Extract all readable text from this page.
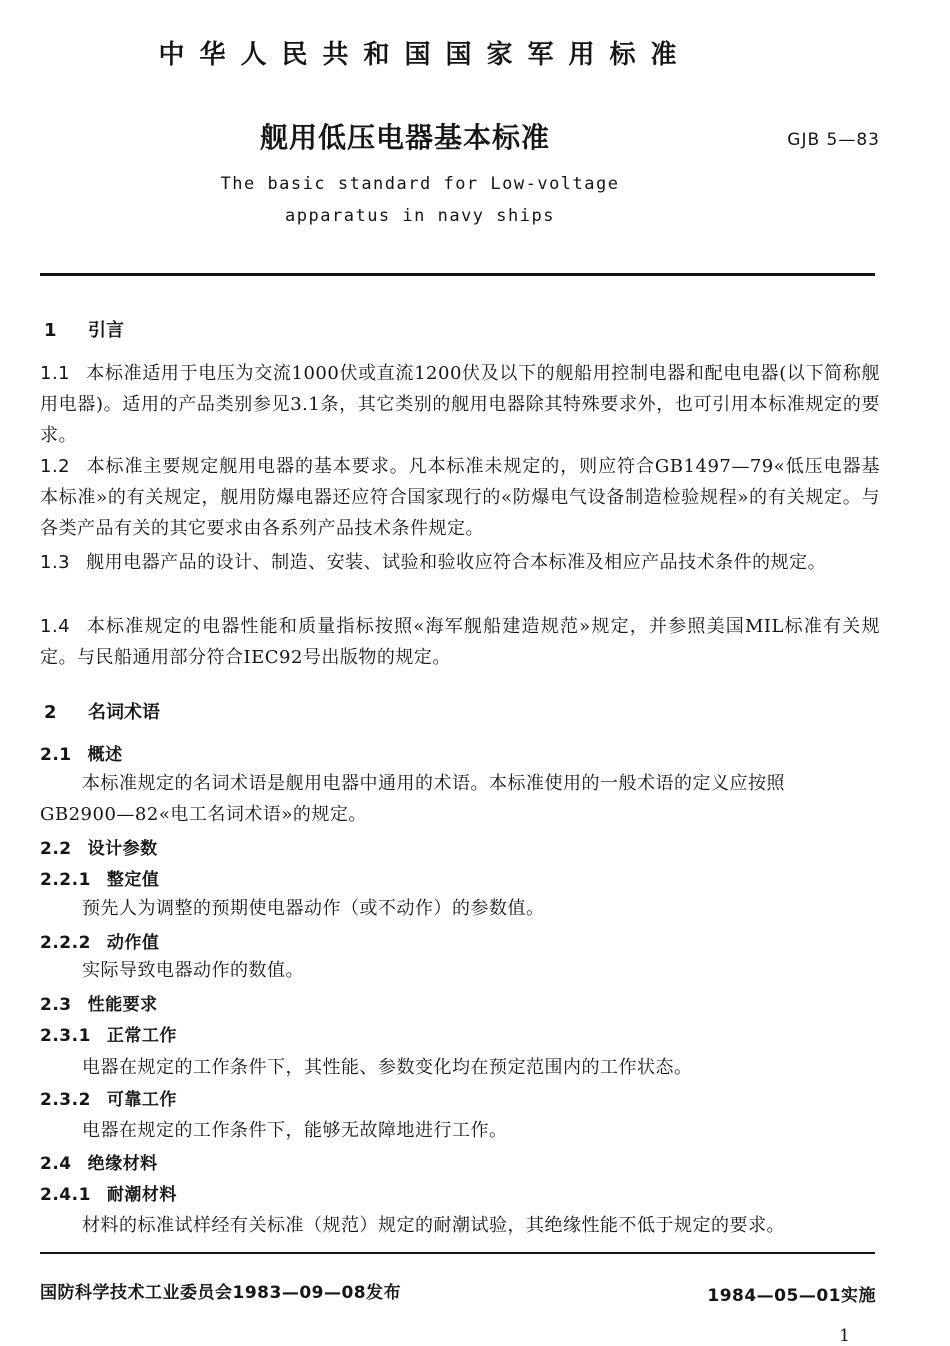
中华人民共和国国家军用标准
舰用低压电器基本标准	GJB 5—83
The basic standard for Low-voltage
apparatus in navy ships
1 引言
1.1 本标准适用于电压为交流1000伏或直流1200伏及以下的舰船用控制电器和配电电器(以下简称舰用电器)。适用的产品类别参见3.1条，其它类别的舰用电器除其特殊要求外，也可引用本标准规定的要求。
1.2 本标准主要规定舰用电器的基本要求。凡本标准未规定的，则应符合GB1497—79«低压电器基本标准»的有关规定，舰用防爆电器还应符合国家现行的«防爆电气设备制造检验规程»的有关规定。与各类产品有关的其它要求由各系列产品技术条件规定。
1.3 舰用电器产品的设计、制造、安装、试验和验收应符合本标准及相应产品技术条件的规定。
1.4 本标准规定的电器性能和质量指标按照«海军舰船建造规范»规定，并参照美国MIL标准有关规定。与民船通用部分符合IEC92号出版物的规定。
2 名词术语
2.1 概述
本标准规定的名词术语是舰用电器中通用的术语。本标准使用的一般术语的定义应按照
GB2900—82«电工名词术语»的规定。
2.2 设计参数
2.2.1 整定值
预先人为调整的预期使电器动作（或不动作）的参数值。
2.2.2 动作值
实际导致电器动作的数值。
2.3 性能要求
2.3.1 正常工作
电器在规定的工作条件下，其性能、参数变化均在预定范围内的工作状态。
2.3.2 可靠工作
电器在规定的工作条件下，能够无故障地进行工作。
2.4 绝缘材料
2.4.1 耐潮材料
材料的标准试样经有关标准（规范）规定的耐潮试验，其绝缘性能不低于规定的要求。
国防科学技术工业委员会1983—09—08发布	1984—05—01实施
1
